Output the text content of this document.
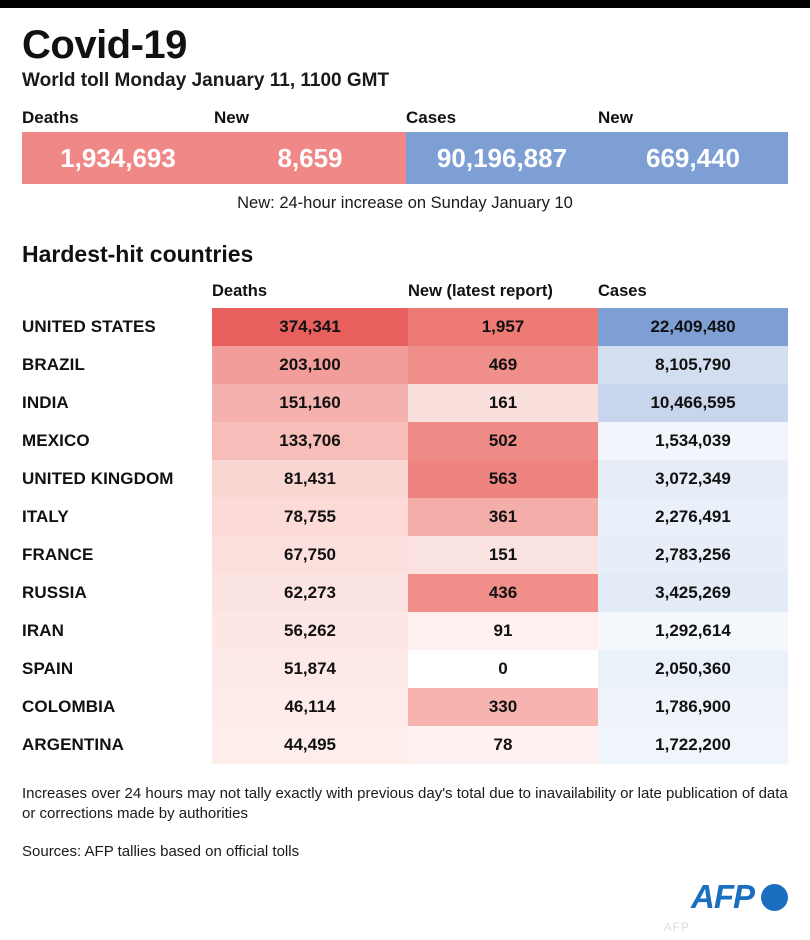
Covid-19
World toll Monday January 11, 1100 GMT
Deaths	New	Cases	New
1,934,693	8,659	90,196,887	669,440
New: 24-hour increase on Sunday January 10
Hardest-hit countries
	Deaths	New (latest report)	Cases
UNITED STATES	374,341	1,957	22,409,480
BRAZIL	203,100	469	8,105,790
INDIA	151,160	161	10,466,595
MEXICO	133,706	502	1,534,039
UNITED KINGDOM	81,431	563	3,072,349
ITALY	78,755	361	2,276,491
FRANCE	67,750	151	2,783,256
RUSSIA	62,273	436	3,425,269
IRAN	56,262	91	1,292,614
SPAIN	51,874	0	2,050,360
COLOMBIA	46,114	330	1,786,900
ARGENTINA	44,495	78	1,722,200
Increases over 24 hours may not tally exactly with previous day's total due to inavailability or late publication of data or corrections made by authorities
Sources: AFP tallies based on official tolls
AFP
AFP
